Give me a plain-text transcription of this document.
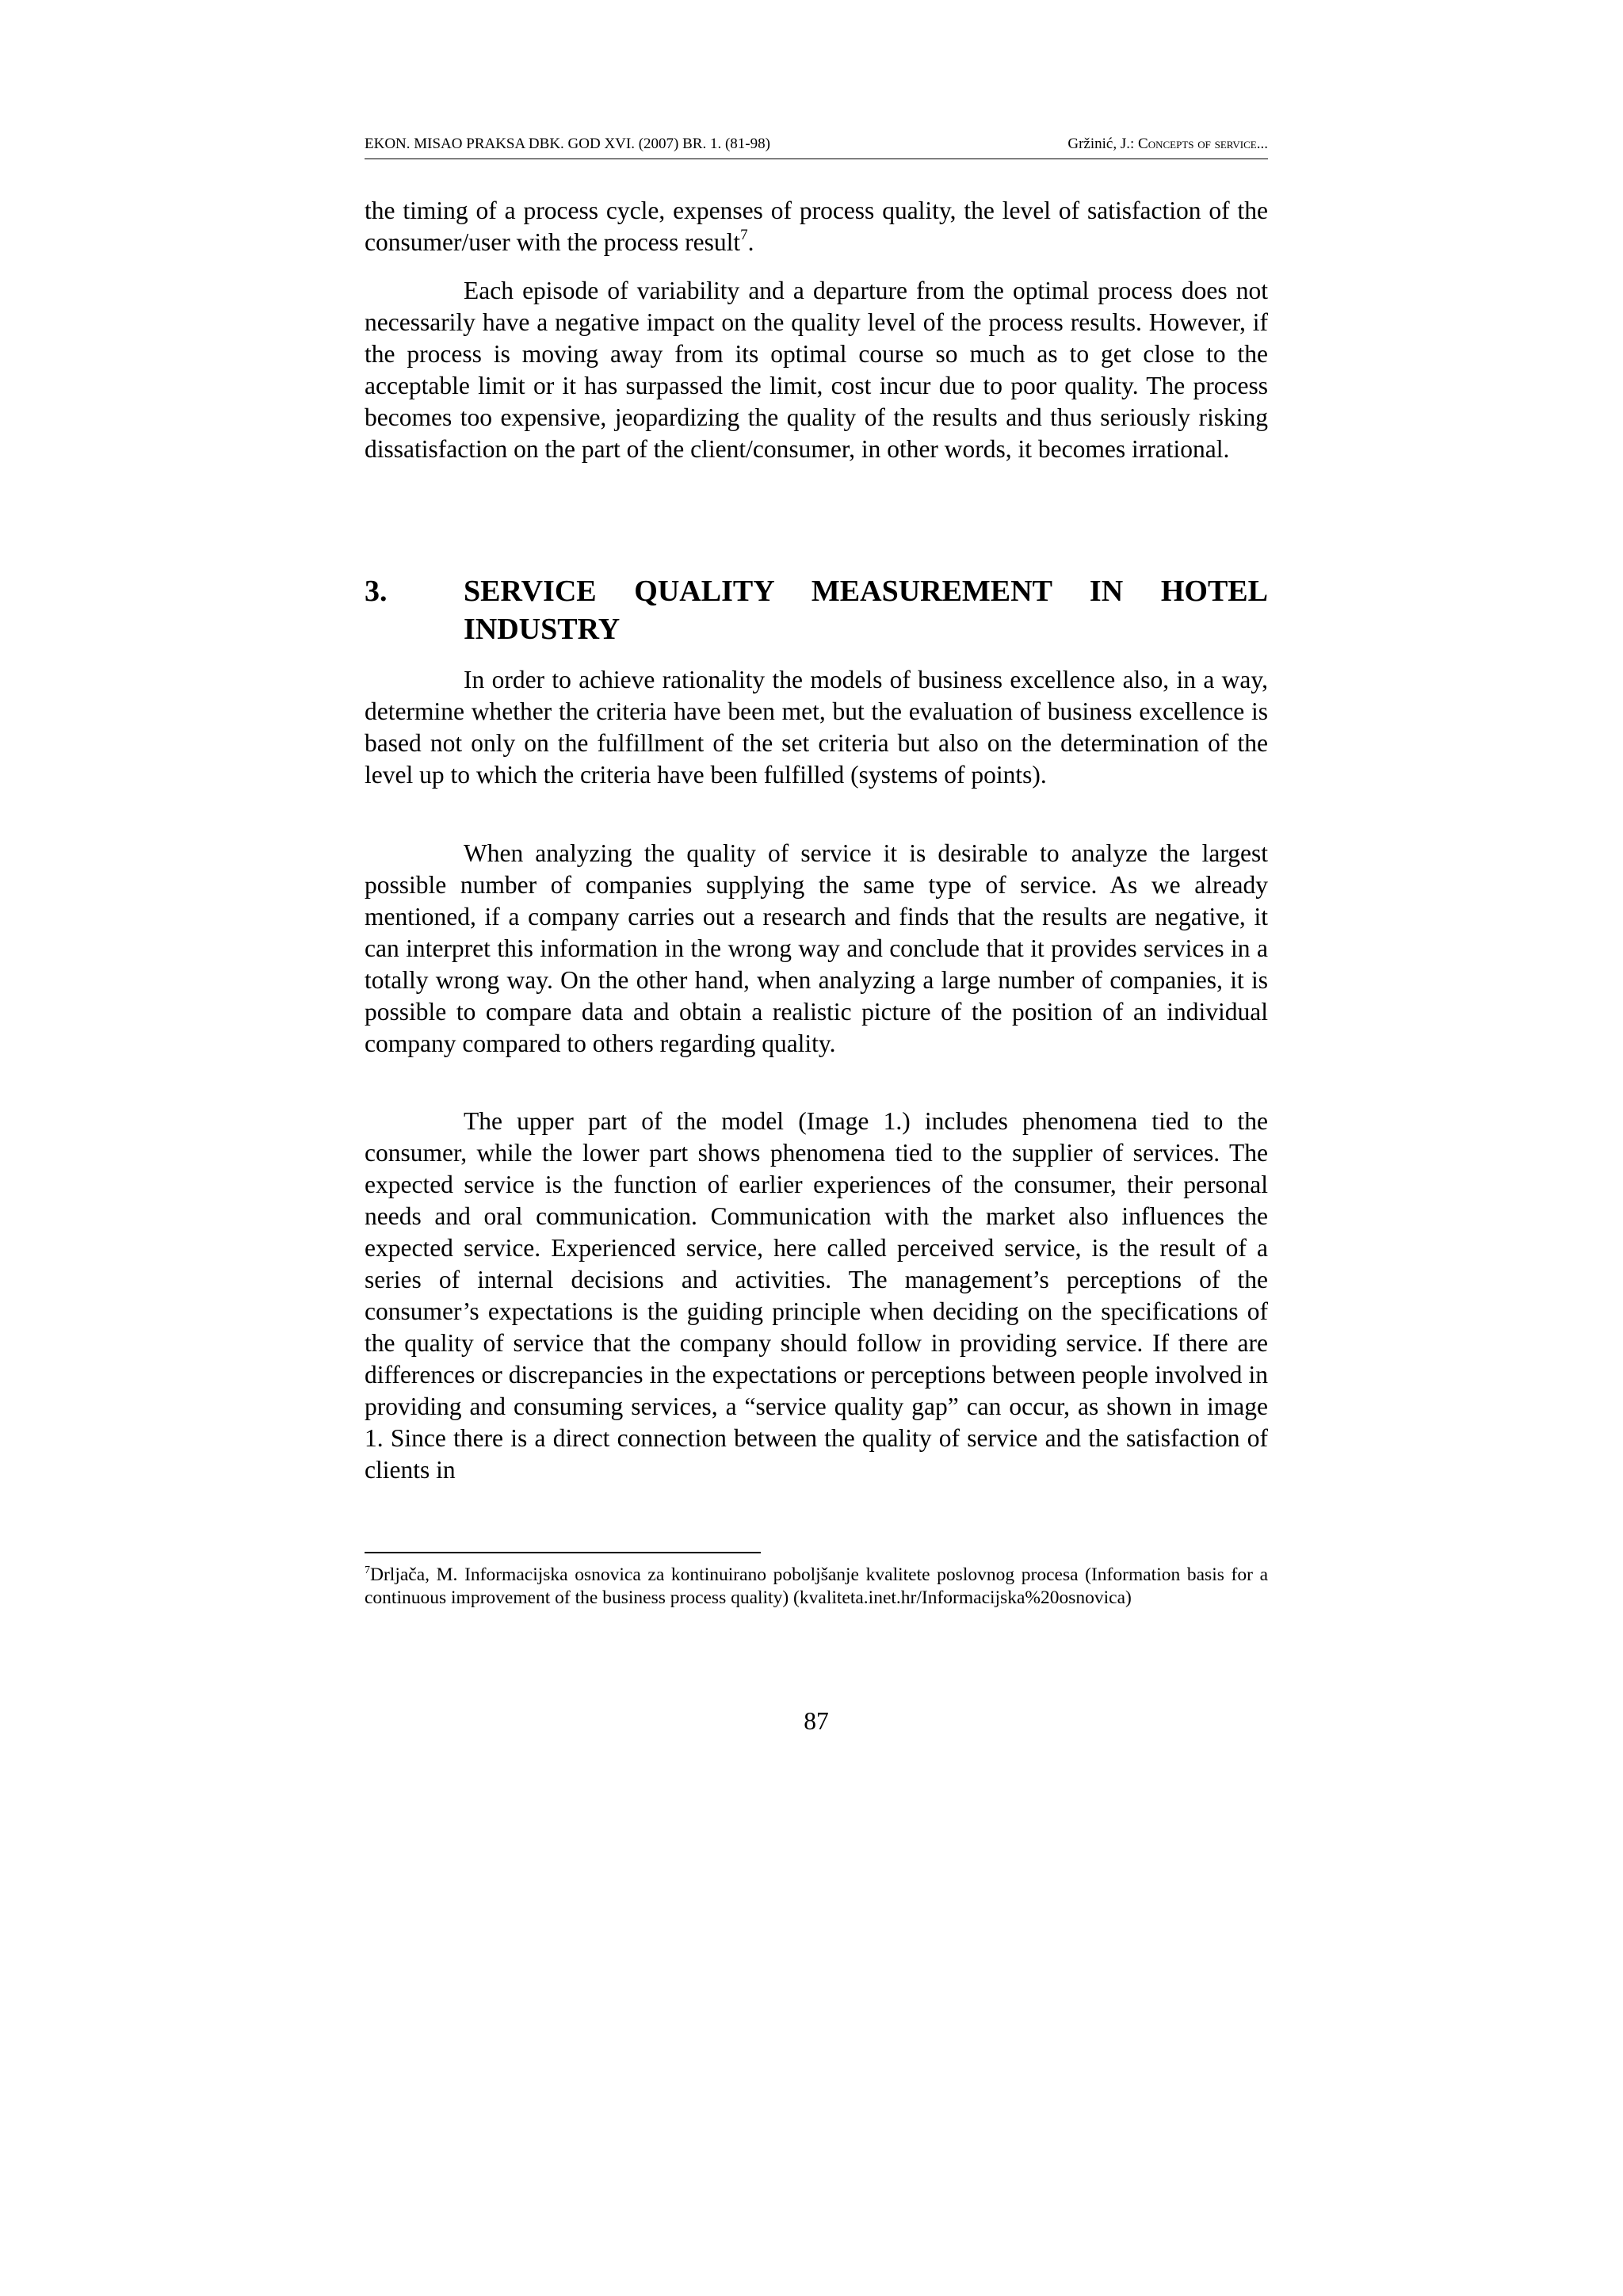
EKON. MISAO PRAKSA DBK. GOD XVI. (2007) BR. 1. (81-98)	Gržinić, J.: Concepts of service...

the timing of a process cycle, expenses of process quality, the level of satisfaction of the consumer/user with the process result$^7$.

Each episode of variability and a departure from the optimal process does not necessarily have a negative impact on the quality level of the process results. However, if the process is moving away from its optimal course so much as to get close to the acceptable limit or it has surpassed the limit, cost incur due to poor quality. The process becomes too expensive, jeopardizing the quality of the results and thus seriously risking dissatisfaction on the part of the client/consumer, in other words, it becomes irrational.

3.	SERVICE QUALITY MEASUREMENT IN HOTEL INDUSTRY

In order to achieve rationality the models of business excellence also, in a way, determine whether the criteria have been met, but the evaluation of business excellence is based not only on the fulfillment of the set criteria but also on the determination of the level up to which the criteria have been fulfilled (systems of points).

When analyzing the quality of service it is desirable to analyze the largest possible number of companies supplying the same type of service. As we already mentioned, if a company carries out a research and finds that the results are negative, it can interpret this information in the wrong way and conclude that it provides services in a totally wrong way. On the other hand, when analyzing a large number of companies, it is possible to compare data and obtain a realistic picture of the position of an individual company compared to others regarding quality.

The upper part of the model (Image 1.) includes phenomena tied to the consumer, while the lower part shows phenomena tied to the supplier of services. The expected service is the function of earlier experiences of the consumer, their personal needs and oral communication. Communication with the market also influences the expected service. Experienced service, here called perceived service, is the result of a series of internal decisions and activities. The management’s perceptions of the consumer’s expectations is the guiding principle when deciding on the specifications of the quality of service that the company should follow in providing service. If there are differences or discrepancies in the expectations or perceptions between people involved in providing and consuming services, a “service quality gap” can occur, as shown in image 1. Since there is a direct connection between the quality of service and the satisfaction of clients in

$^7$Drljača, M. Informacijska osnovica za kontinuirano poboljšanje kvalitete poslovnog procesa (Information basis for a continuous improvement of the business process quality) (kvaliteta.inet.hr/Informacijska%20osnovica)

87
